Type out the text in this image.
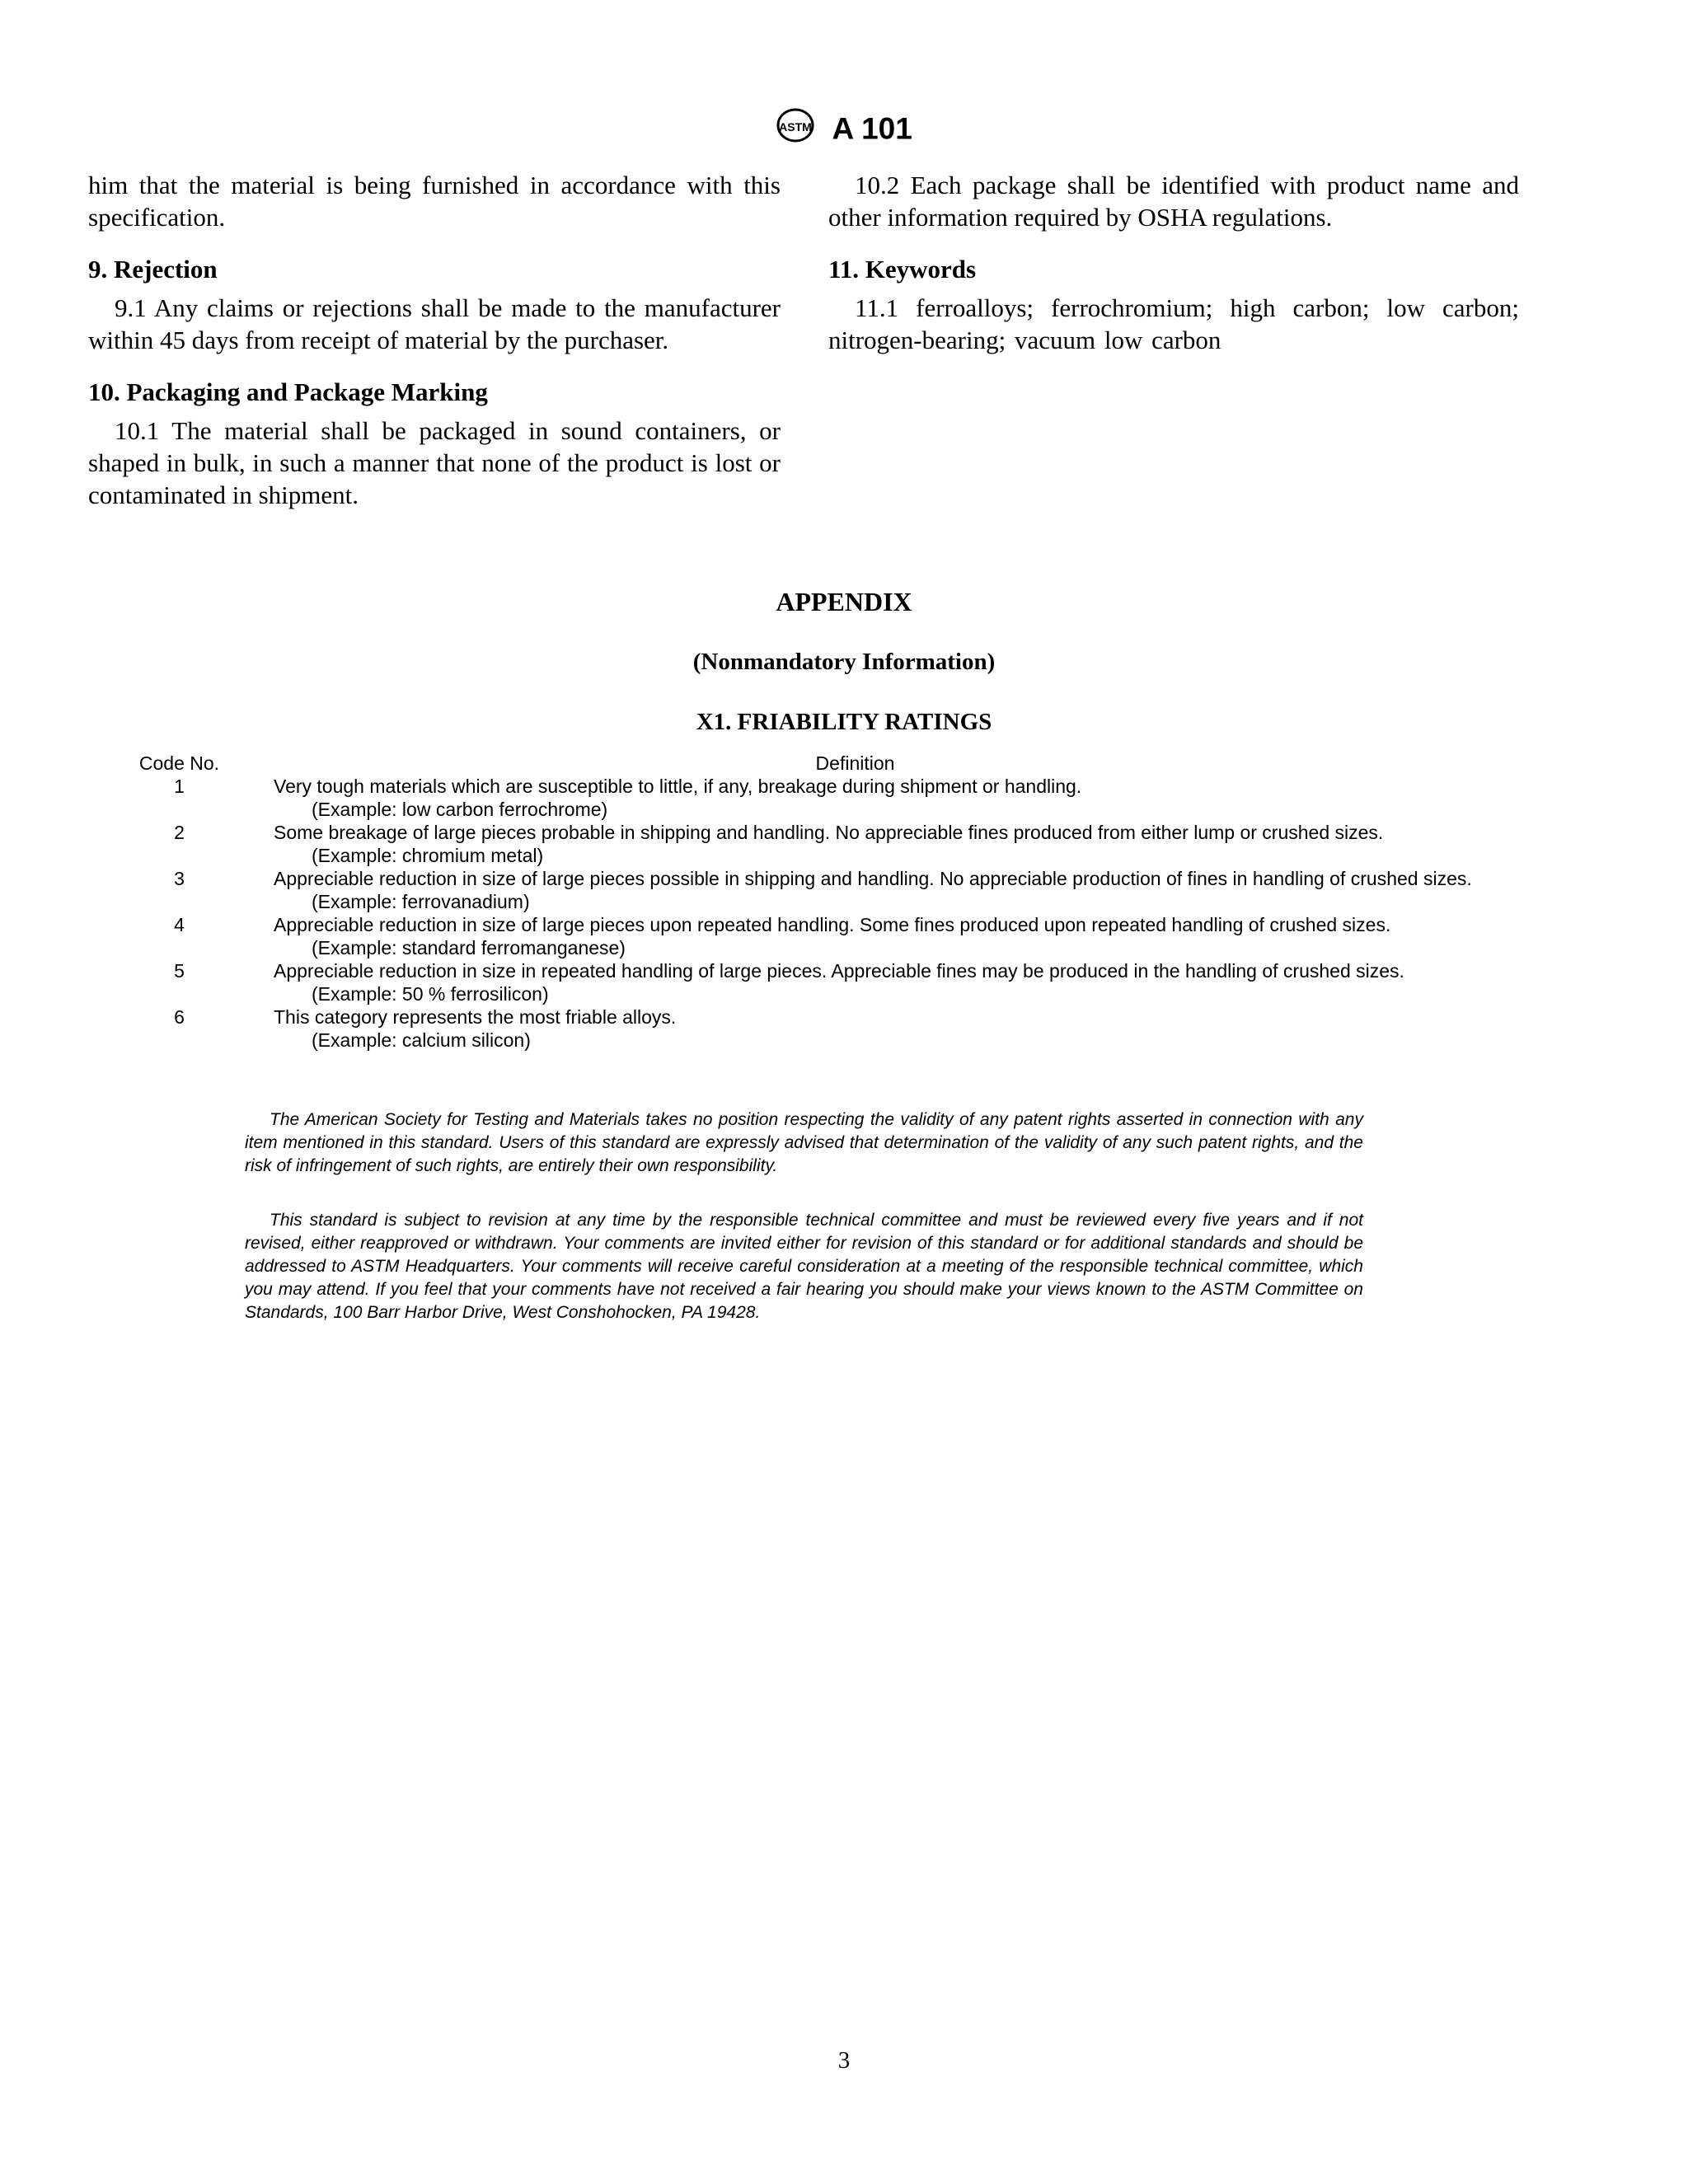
ASTM A 101

him that the material is being furnished in accordance with this specification.

9. Rejection

9.1 Any claims or rejections shall be made to the manufacturer within 45 days from receipt of material by the purchaser.

10. Packaging and Package Marking

10.1 The material shall be packaged in sound containers, or shaped in bulk, in such a manner that none of the product is lost or contaminated in shipment.

10.2 Each package shall be identified with product name and other information required by OSHA regulations.

11. Keywords

11.1 ferroalloys; ferrochromium; high carbon; low carbon; nitrogen-bearing; vacuum low carbon

APPENDIX
(Nonmandatory Information)
X1. FRIABILITY RATINGS
Code No.	Definition
1	Very tough materials which are susceptible to little, if any, breakage during shipment or handling.
(Example: low carbon ferrochrome)
2	Some breakage of large pieces probable in shipping and handling. No appreciable fines produced from either lump or crushed sizes.
(Example: chromium metal)
3	Appreciable reduction in size of large pieces possible in shipping and handling. No appreciable production of fines in handling of crushed sizes.
(Example: ferrovanadium)
4	Appreciable reduction in size of large pieces upon repeated handling. Some fines produced upon repeated handling of crushed sizes.
(Example: standard ferromanganese)
5	Appreciable reduction in size in repeated handling of large pieces. Appreciable fines may be produced in the handling of crushed sizes.
(Example: 50 % ferrosilicon)
6	This category represents the most friable alloys.
(Example: calcium silicon)

The American Society for Testing and Materials takes no position respecting the validity of any patent rights asserted in connection with any item mentioned in this standard. Users of this standard are expressly advised that determination of the validity of any such patent rights, and the risk of infringement of such rights, are entirely their own responsibility.

This standard is subject to revision at any time by the responsible technical committee and must be reviewed every five years and if not revised, either reapproved or withdrawn. Your comments are invited either for revision of this standard or for additional standards and should be addressed to ASTM Headquarters. Your comments will receive careful consideration at a meeting of the responsible technical committee, which you may attend. If you feel that your comments have not received a fair hearing you should make your views known to the ASTM Committee on Standards, 100 Barr Harbor Drive, West Conshohocken, PA 19428.

3
